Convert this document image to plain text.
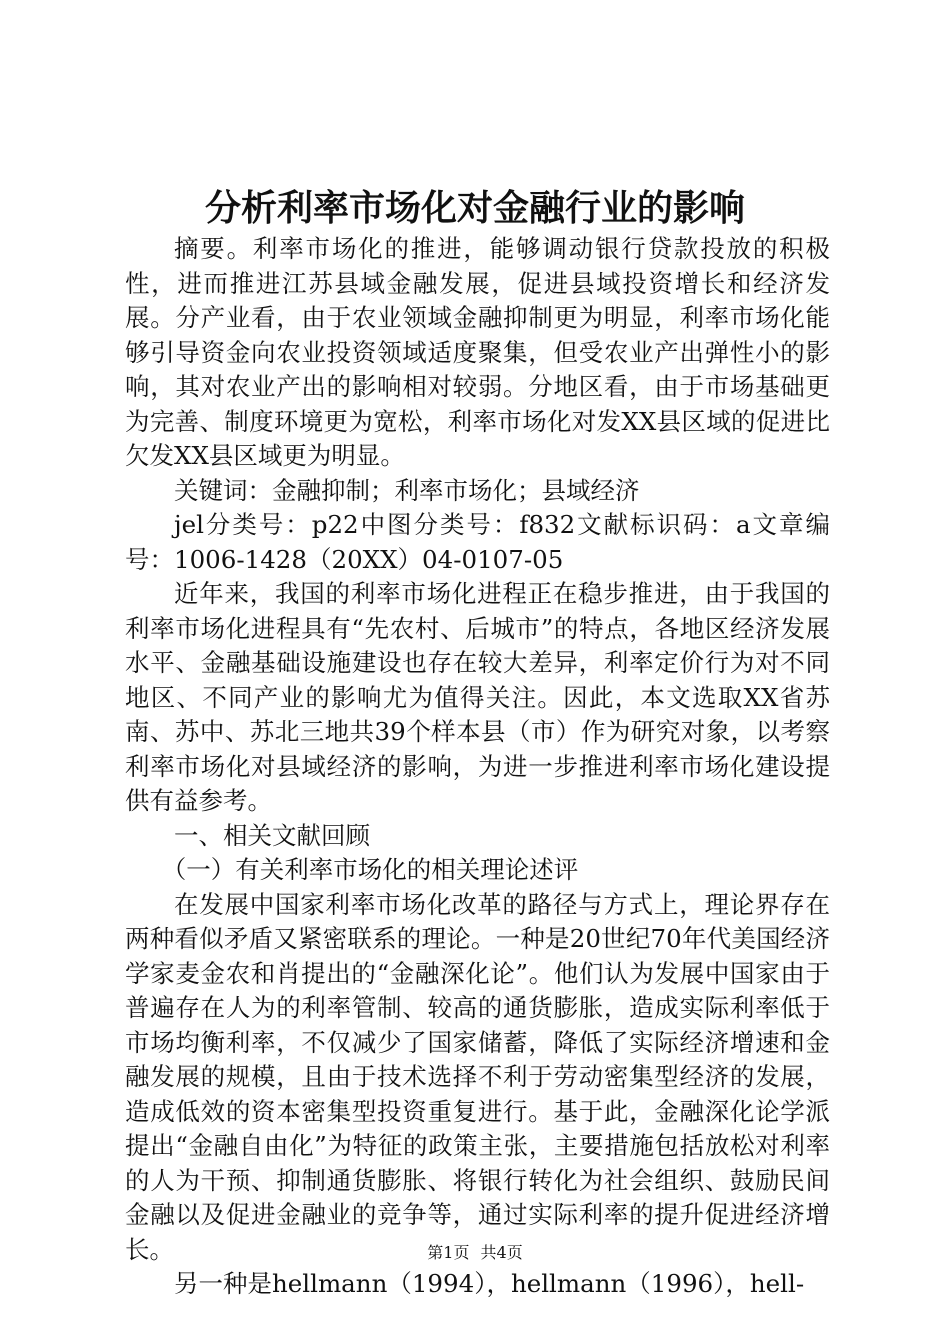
分析利率市场化对金融行业的影响

摘要。利率市场化的推进，能够调动银行贷款投放的积极性，进而推进江苏县域金融发展，促进县域投资增长和经济发展。分产业看，由于农业领域金融抑制更为明显，利率市场化能够引导资金向农业投资领域适度聚集，但受农业产出弹性小的影响，其对农业产出的影响相对较弱。分地区看，由于市场基础更为完善、制度环境更为宽松，利率市场化对发XX县区域的促进比欠发XX县区域更为明显。

关键词：金融抑制；利率市场化；县域经济

jel分类号：p22中图分类号：f832文献标识码：a文章编号：1006-1428（20XX）04-0107-05

近年来，我国的利率市场化进程正在稳步推进，由于我国的利率市场化进程具有“先农村、后城市”的特点，各地区经济发展水平、金融基础设施建设也存在较大差异，利率定价行为对不同地区、不同产业的影响尤为值得关注。因此，本文选取XX省苏南、苏中、苏北三地共39个样本县（市）作为研究对象，以考察利率市场化对县域经济的影响，为进一步推进利率市场化建设提供有益参考。

一、相关文献回顾

（一）有关利率市场化的相关理论述评

在发展中国家利率市场化改革的路径与方式上，理论界存在两种看似矛盾又紧密联系的理论。一种是20世纪70年代美国经济学家麦金农和肖提出的“金融深化论”。他们认为发展中国家由于普遍存在人为的利率管制、较高的通货膨胀，造成实际利率低于市场均衡利率，不仅减少了国家储蓄，降低了实际经济增速和金融发展的规模，且由于技术选择不利于劳动密集型经济的发展，造成低效的资本密集型投资重复进行。基于此，金融深化论学派提出“金融自由化”为特征的政策主张，主要措施包括放松对利率的人为干预、抑制通货膨胀、将银行转化为社会组织、鼓励民间金融以及促进金融业的竞争等，通过实际利率的提升促进经济增长。

另一种是hellmann（1994），hellmann（1996），hell-

第1页 共4页
